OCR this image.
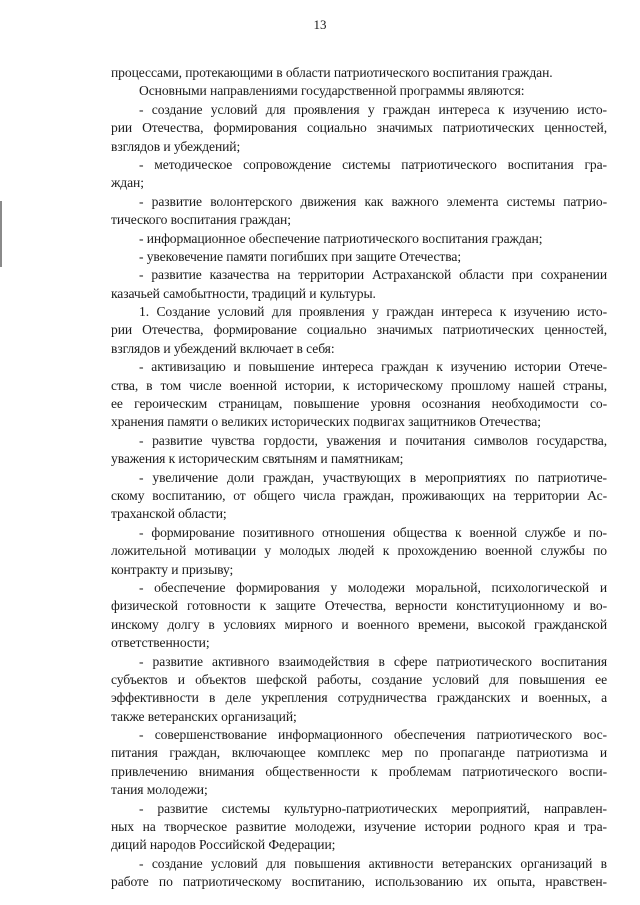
13
процессами, протекающими в области патриотического воспитания граждан.
Основными направлениями государственной программы являются:
- создание условий для проявления у граждан интереса к изучению исто-
рии Отечества, формирования социально значимых патриотических ценностей,
взглядов и убеждений;
- методическое сопровождение системы патриотического воспитания гра-
ждан;
- развитие волонтерского движения как важного элемента системы патрио-
тического воспитания граждан;
- информационное обеспечение патриотического воспитания граждан;
- увековечение памяти погибших при защите Отечества;
- развитие казачества на территории Астраханской области при сохранении
казачьей самобытности, традиций и культуры.
1. Создание условий для проявления у граждан интереса к изучению исто-
рии Отечества, формирование социально значимых патриотических ценностей,
взглядов и убеждений включает в себя:
- активизацию и повышение интереса граждан к изучению истории Отече-
ства, в том числе военной истории, к историческому прошлому нашей страны,
ее героическим страницам, повышение уровня осознания необходимости со-
хранения памяти о великих исторических подвигах защитников Отечества;
- развитие чувства гордости, уважения и почитания символов государства,
уважения к историческим святыням и памятникам;
- увеличение доли граждан, участвующих в мероприятиях по патриотиче-
скому воспитанию, от общего числа граждан, проживающих на территории Ас-
траханской области;
- формирование позитивного отношения общества к военной службе и по-
ложительной мотивации у молодых людей к прохождению военной службы по
контракту и призыву;
- обеспечение формирования у молодежи моральной, психологической и
физической готовности к защите Отечества, верности конституционному и во-
инскому долгу в условиях мирного и военного времени, высокой гражданской
ответственности;
- развитие активного взаимодействия в сфере патриотического воспитания
субъектов и объектов шефской работы, создание условий для повышения ее
эффективности в деле укрепления сотрудничества гражданских и военных, а
также ветеранских организаций;
- совершенствование информационного обеспечения патриотического вос-
питания граждан, включающее комплекс мер по пропаганде патриотизма и
привлечению внимания общественности к проблемам патриотического воспи-
тания молодежи;
- развитие системы культурно-патриотических мероприятий, направлен-
ных на творческое развитие молодежи, изучение истории родного края и тра-
диций народов Российской Федерации;
- создание условий для повышения активности ветеранских организаций в
работе по патриотическому воспитанию, использованию их опыта, нравствен-
